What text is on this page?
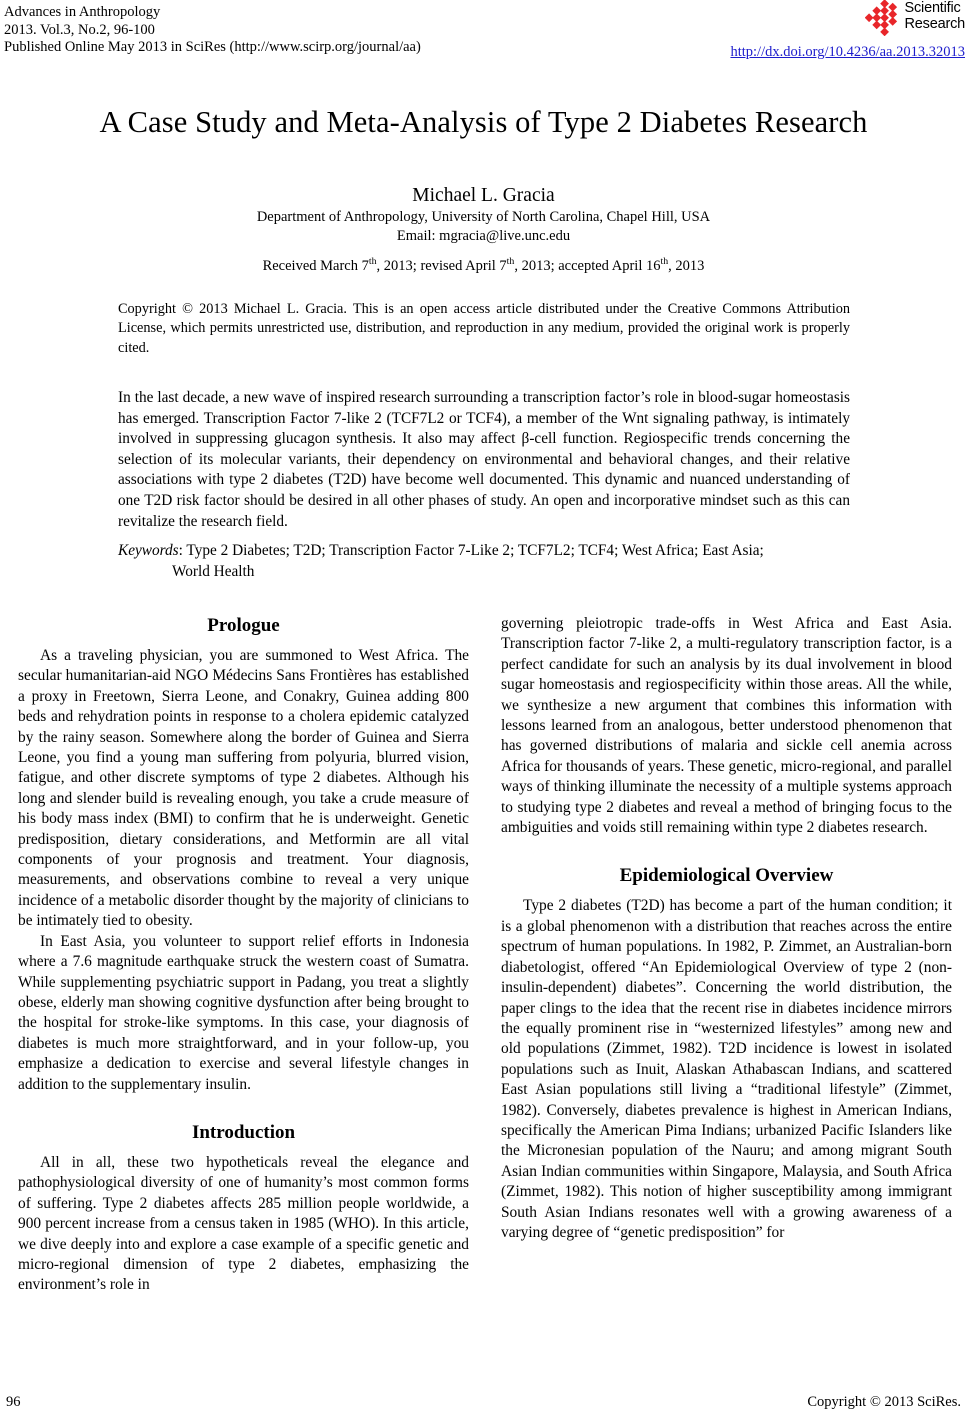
Advances in Anthropology
2013. Vol.3, No.2, 96-100
Published Online May 2013 in SciRes (http://www.scirp.org/journal/aa)
Scientific
Research
http://dx.doi.org/10.4236/aa.2013.32013
A Case Study and Meta-Analysis of Type 2 Diabetes Research
Michael L. Gracia
Department of Anthropology, University of North Carolina, Chapel Hill, USA
Email: mgracia@live.unc.edu
Received March 7th, 2013; revised April 7th, 2013; accepted April 16th, 2013
Copyright © 2013 Michael L. Gracia. This is an open access article distributed under the Creative Commons Attribution License, which permits unrestricted use, distribution, and reproduction in any medium, provided the original work is properly cited.
In the last decade, a new wave of inspired research surrounding a transcription factor’s role in blood-sugar homeostasis has emerged. Transcription Factor 7-like 2 (TCF7L2 or TCF4), a member of the Wnt signaling pathway, is intimately involved in suppressing glucagon synthesis. It also may affect β-cell function. Regiospecific trends concerning the selection of its molecular variants, their dependency on environmental and behavioral changes, and their relative associations with type 2 diabetes (T2D) have become well documented. This dynamic and nuanced understanding of one T2D risk factor should be desired in all other phases of study. An open and incorporative mindset such as this can revitalize the research field.
Keywords: Type 2 Diabetes; T2D; Transcription Factor 7-Like 2; TCF7L2; TCF4; West Africa; East Asia;
World Health
Prologue

As a traveling physician, you are summoned to West Africa. The secular humanitarian-aid NGO Médecins Sans Frontières has established a proxy in Freetown, Sierra Leone, and Conakry, Guinea adding 800 beds and rehydration points in response to a cholera epidemic catalyzed by the rainy season. Somewhere along the border of Guinea and Sierra Leone, you find a young man suffering from polyuria, blurred vision, fatigue, and other discrete symptoms of type 2 diabetes. Although his long and slender build is revealing enough, you take a crude measure of his body mass index (BMI) to confirm that he is underweight. Genetic predisposition, dietary considerations, and Metformin are all vital components of your prognosis and treatment. Your diagnosis, measurements, and observations combine to reveal a very unique incidence of a metabolic disorder thought by the majority of clinicians to be intimately tied to obesity.

In East Asia, you volunteer to support relief efforts in Indonesia where a 7.6 magnitude earthquake struck the western coast of Sumatra. While supplementing psychiatric support in Padang, you treat a slightly obese, elderly man showing cognitive dysfunction after being brought to the hospital for stroke-like symptoms. In this case, your diagnosis of diabetes is much more straightforward, and in your follow-up, you emphasize a dedication to exercise and several lifestyle changes in addition to the supplementary insulin.

Introduction

All in all, these two hypotheticals reveal the elegance and pathophysiological diversity of one of humanity’s most common forms of suffering. Type 2 diabetes affects 285 million people worldwide, a 900 percent increase from a census taken in 1985 (WHO). In this article, we dive deeply into and explore a case example of a specific genetic and micro-regional dimension of type 2 diabetes, emphasizing the environment’s role in

governing pleiotropic trade-offs in West Africa and East Asia. Transcription factor 7-like 2, a multi-regulatory transcription factor, is a perfect candidate for such an analysis by its dual involvement in blood sugar homeostasis and regiospecificity within those areas. All the while, we synthesize a new argument that combines this information with lessons learned from an analogous, better understood phenomenon that has governed distributions of malaria and sickle cell anemia across Africa for thousands of years. These genetic, micro-regional, and parallel ways of thinking illuminate the necessity of a multiple systems approach to studying type 2 diabetes and reveal a method of bringing focus to the ambiguities and voids still remaining within type 2 diabetes research.

Epidemiological Overview

Type 2 diabetes (T2D) has become a part of the human condition; it is a global phenomenon with a distribution that reaches across the entire spectrum of human populations. In 1982, P. Zimmet, an Australian-born diabetologist, offered “An Epidemiological Overview of type 2 (non-insulin-dependent) diabetes”. Concerning the world distribution, the paper clings to the idea that the recent rise in diabetes incidence mirrors the equally prominent rise in “westernized lifestyles” among new and old populations (Zimmet, 1982). T2D incidence is lowest in isolated populations such as Inuit, Alaskan Athabascan Indians, and scattered East Asian populations still living a “traditional lifestyle” (Zimmet, 1982). Conversely, diabetes prevalence is highest in American Indians, specifically the American Pima Indians; urbanized Pacific Islanders like the Micronesian population of the Nauru; and among migrant South Asian Indian communities within Singapore, Malaysia, and South Africa (Zimmet, 1982). This notion of higher susceptibility among immigrant South Asian Indians resonates well with a growing awareness of a varying degree of “genetic predisposition” for

96	Copyright © 2013 SciRes.
